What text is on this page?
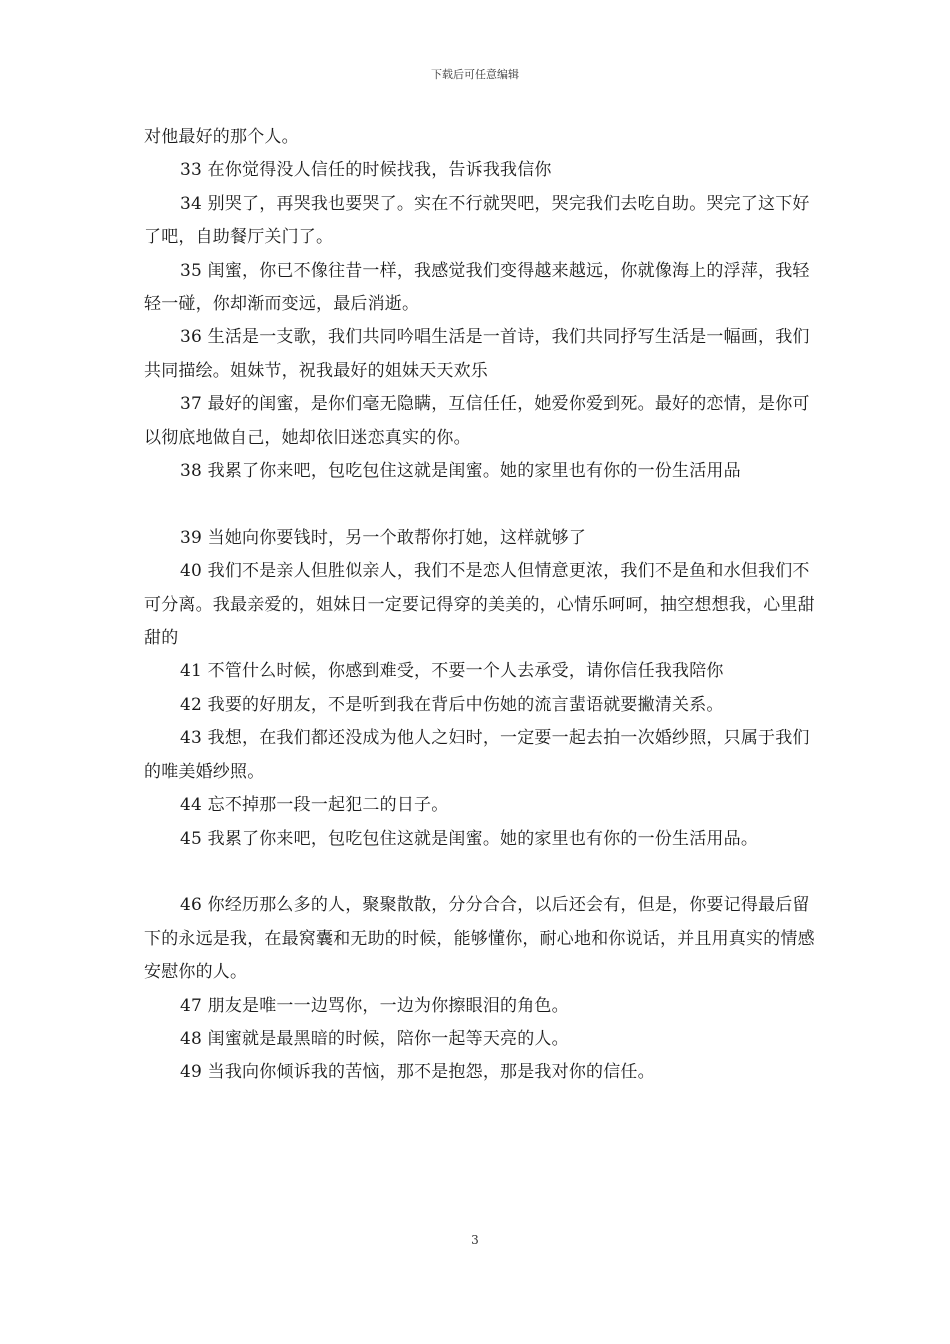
下载后可任意编辑

对他最好的那个人。

33 在你觉得没人信任的时候找我，告诉我我信你

34 别哭了，再哭我也要哭了。实在不行就哭吧，哭完我们去吃自助。哭完了这下好了吧，自助餐厅关门了。

35 闺蜜，你已不像往昔一样，我感觉我们变得越来越远，你就像海上的浮萍，我轻轻一碰，你却渐而变远，最后消逝。

36 生活是一支歌，我们共同吟唱生活是一首诗，我们共同抒写生活是一幅画，我们共同描绘。姐妹节，祝我最好的姐妹天天欢乐

37 最好的闺蜜，是你们毫无隐瞒，互信任任，她爱你爱到死。最好的恋情，是你可以彻底地做自己，她却依旧迷恋真实的你。

38 我累了你来吧，包吃包住这就是闺蜜。她的家里也有你的一份生活用品

39 当她向你要钱时，另一个敢帮你打她，这样就够了

40 我们不是亲人但胜似亲人，我们不是恋人但情意更浓，我们不是鱼和水但我们不可分离。我最亲爱的，姐妹日一定要记得穿的美美的，心情乐呵呵，抽空想想我，心里甜甜的

41 不管什么时候，你感到难受，不要一个人去承受，请你信任我我陪你

42 我要的好朋友，不是听到我在背后中伤她的流言蜚语就要撇清关系。

43 我想，在我们都还没成为他人之妇时，一定要一起去拍一次婚纱照，只属于我们的唯美婚纱照。

44 忘不掉那一段一起犯二的日子。

45 我累了你来吧，包吃包住这就是闺蜜。她的家里也有你的一份生活用品。

46 你经历那么多的人，聚聚散散，分分合合，以后还会有，但是，你要记得最后留下的永远是我，在最窝囊和无助的时候，能够懂你，耐心地和你说话，并且用真实的情感安慰你的人。

47 朋友是唯一一边骂你，一边为你擦眼泪的角色。

48 闺蜜就是最黑暗的时候，陪你一起等天亮的人。

49 当我向你倾诉我的苦恼，那不是抱怨，那是我对你的信任。

3
